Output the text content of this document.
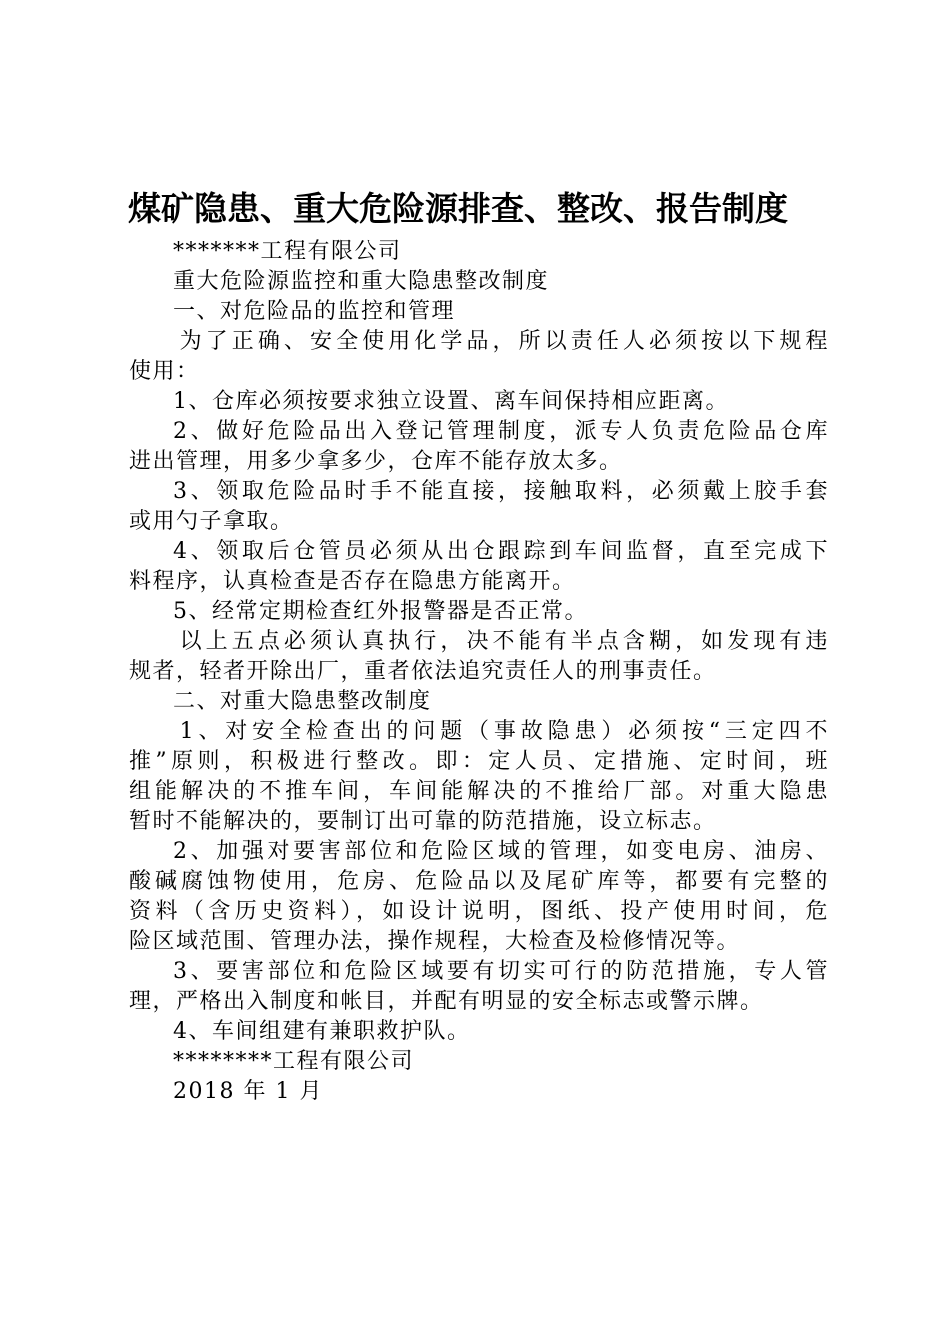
煤矿隐患、重大危险源排查、整改、报告制度
*******工程有限公司
重大危险源监控和重大隐患整改制度
一、对危险品的监控和管理
为了正确、安全使用化学品，所以责任人必须按以下规程
使用：
1、仓库必须按要求独立设置、离车间保持相应距离。
2、做好危险品出入登记管理制度，派专人负责危险品仓库
进出管理，用多少拿多少，仓库不能存放太多。
3、领取危险品时手不能直接，接触取料，必须戴上胶手套
或用勺子拿取。
4、领取后仓管员必须从出仓跟踪到车间监督，直至完成下
料程序，认真检查是否存在隐患方能离开。
5、经常定期检查红外报警器是否正常。
以上五点必须认真执行，决不能有半点含糊，如发现有违
规者，轻者开除出厂，重者依法追究责任人的刑事责任。
二、对重大隐患整改制度
1、对安全检查出的问题（事故隐患）必须按“三定四不
推”原则，积极进行整改。即：定人员、定措施、定时间，班
组能解决的不推车间，车间能解决的不推给厂部。对重大隐患
暂时不能解决的，要制订出可靠的防范措施，设立标志。
2、加强对要害部位和危险区域的管理，如变电房、油房、
酸碱腐蚀物使用，危房、危险品以及尾矿库等，都要有完整的
资料（含历史资料），如设计说明，图纸、投产使用时间，危
险区域范围、管理办法，操作规程，大检查及检修情况等。
3、要害部位和危险区域要有切实可行的防范措施，专人管
理，严格出入制度和帐目，并配有明显的安全标志或警示牌。
4、车间组建有兼职救护队。
********工程有限公司
2018 年 1 月
